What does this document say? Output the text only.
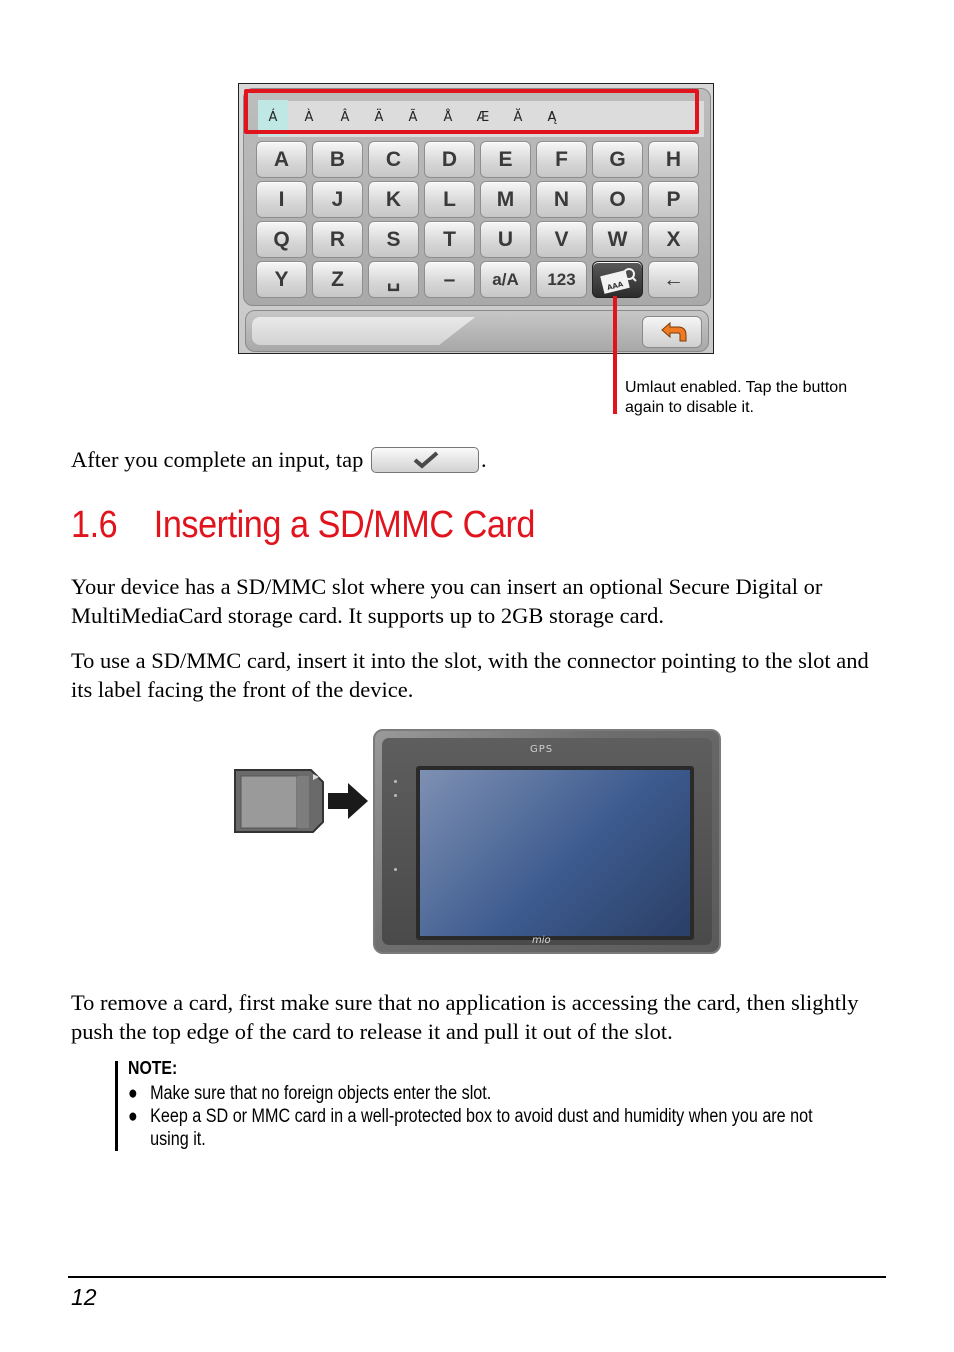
Á	À	Â	Ä	Ã	Å	Æ	Ă	Ą
A	B	C	D	E	F	G	H
I	J	K	L	M	N	O	P
Q	R	S	T	U	V	W	X
Y	Z	␣	–	a/A	123	AAA	←
Umlaut enabled. Tap the button again to disable it.
After you complete an input, tap	.
1.6 Inserting a SD/MMC Card
Your device has a SD/MMC slot where you can insert an optional Secure Digital or MultiMediaCard storage card. It supports up to 2GB storage card.
To use a SD/MMC card, insert it into the slot, with the connector pointing to the slot and its label facing the front of the device.
GPS
mio
To remove a card, first make sure that no application is accessing the card, then slightly push the top edge of the card to release it and pull it out of the slot.
NOTE:
● Make sure that no foreign objects enter the slot.
● Keep a SD or MMC card in a well-protected box to avoid dust and humidity when you are not using it.
12
